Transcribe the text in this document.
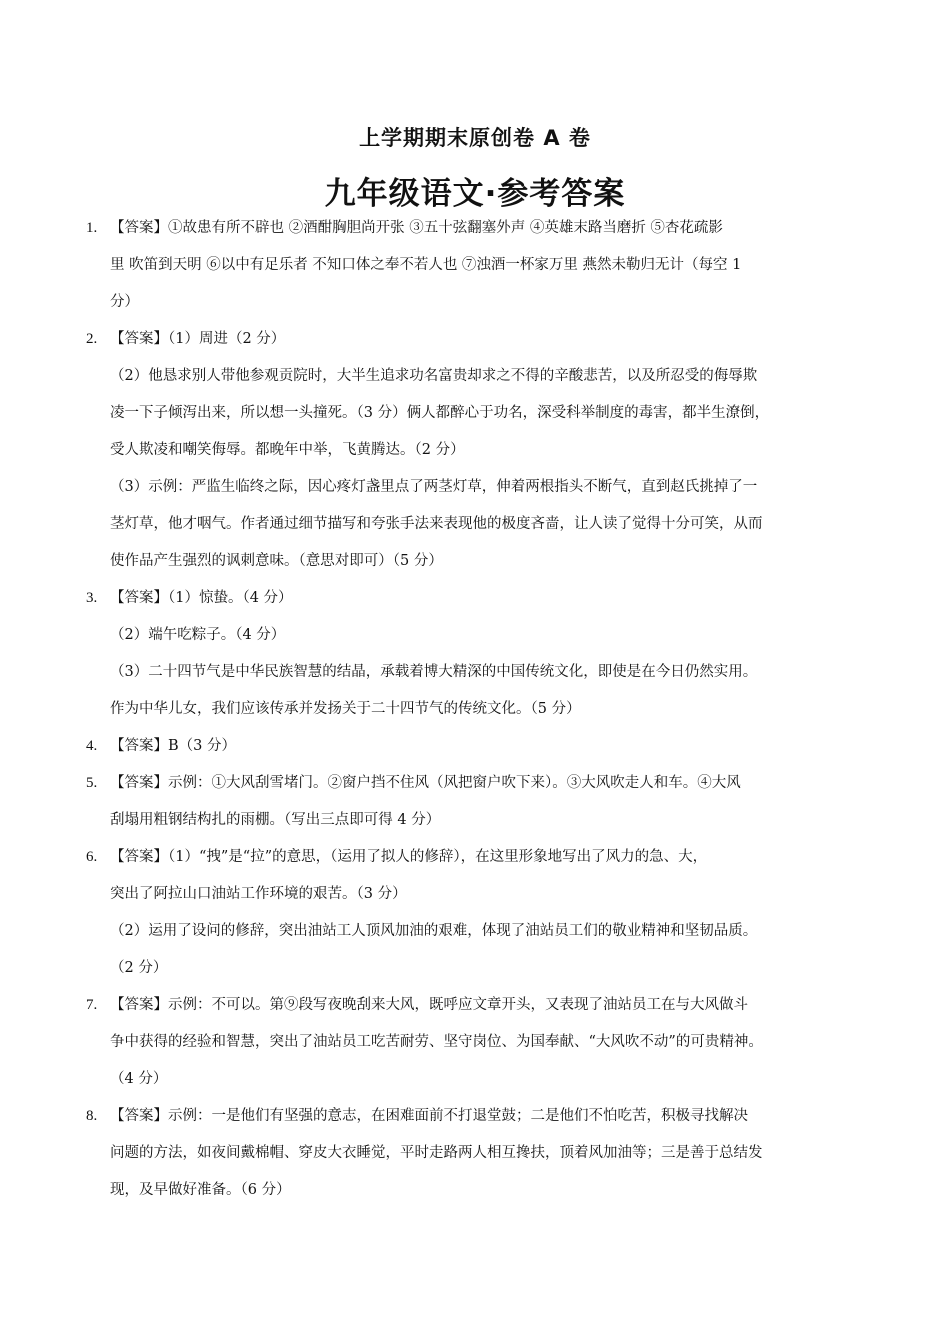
上学期期末原创卷 A 卷
九年级语文·参考答案
1. 【答案】①故患有所不辟也 ②酒酣胸胆尚开张 ③五十弦翻塞外声 ④英雄末路当磨折 ⑤杏花疏影
里 吹笛到天明 ⑥以中有足乐者 不知口体之奉不若人也 ⑦浊酒一杯家万里 燕然未勒归无计（每空 1
分）
2. 【答案】（1）周进（2 分）
（2）他恳求别人带他参观贡院时，大半生追求功名富贵却求之不得的辛酸悲苦，以及所忍受的侮辱欺
凌一下子倾泻出来，所以想一头撞死。（3 分）俩人都醉心于功名，深受科举制度的毒害，都半生潦倒，
受人欺凌和嘲笑侮辱。都晚年中举，飞黄腾达。（2 分）
（3）示例：严监生临终之际，因心疼灯盏里点了两茎灯草，伸着两根指头不断气，直到赵氏挑掉了一
茎灯草，他才咽气。作者通过细节描写和夸张手法来表现他的极度吝啬，让人读了觉得十分可笑，从而
使作品产生强烈的讽刺意味。（意思对即可）（5 分）
3. 【答案】（1）惊蛰。（4 分）
（2）端午吃粽子。（4 分）
（3）二十四节气是中华民族智慧的结晶，承载着博大精深的中国传统文化，即使是在今日仍然实用。
作为中华儿女，我们应该传承并发扬关于二十四节气的传统文化。（5 分）
4. 【答案】B（3 分）
5. 【答案】示例：①大风刮雪堵门。②窗户挡不住风（风把窗户吹下来）。③大风吹走人和车。④大风
刮塌用粗钢结构扎的雨棚。（写出三点即可得 4 分）
6. 【答案】（1）“拽”是“拉”的意思，（运用了拟人的修辞），在这里形象地写出了风力的急、大，
突出了阿拉山口油站工作环境的艰苦。（3 分）
（2）运用了设问的修辞，突出油站工人顶风加油的艰难，体现了油站员工们的敬业精神和坚韧品质。
（2 分）
7. 【答案】示例：不可以。第⑨段写夜晚刮来大风，既呼应文章开头，又表现了油站员工在与大风做斗
争中获得的经验和智慧，突出了油站员工吃苦耐劳、坚守岗位、为国奉献、“大风吹不动”的可贵精神。
（4 分）
8. 【答案】示例：一是他们有坚强的意志，在困难面前不打退堂鼓；二是他们不怕吃苦，积极寻找解决
问题的方法，如夜间戴棉帽、穿皮大衣睡觉，平时走路两人相互搀扶，顶着风加油等；三是善于总结发
现，及早做好准备。（6 分）
